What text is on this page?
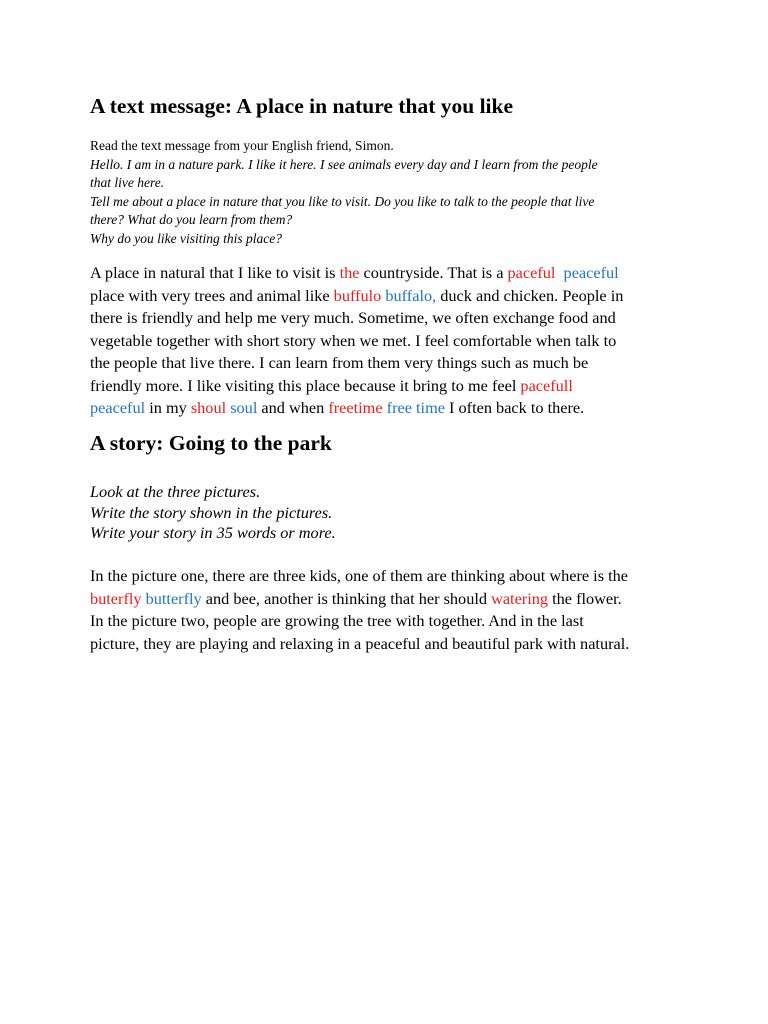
A text message: A place in nature that you like
Read the text message from your English friend, Simon.
Hello. I am in a nature park. I like it here. I see animals every day and I learn from the people
that live here.
Tell me about a place in nature that you like to visit. Do you like to talk to the people that live
there? What do you learn from them?
Why do you like visiting this place?
A place in natural that I like to visit is the countryside. That is a paceful peaceful
place with very trees and animal like buffulo buffalo, duck and chicken. People in
there is friendly and help me very much. Sometime, we often exchange food and
vegetable together with short story when we met. I feel comfortable when talk to
the people that live there. I can learn from them very things such as much be
friendly more. I like visiting this place because it bring to me feel pacefull
peaceful in my shoul soul and when freetime free time I often back to there.
A story: Going to the park
Look at the three pictures.
Write the story shown in the pictures.
Write your story in 35 words or more.
In the picture one, there are three kids, one of them are thinking about where is the
buterfly butterfly and bee, another is thinking that her should watering the flower.
In the picture two, people are growing the tree with together. And in the last
picture, they are playing and relaxing in a peaceful and beautiful park with natural.
